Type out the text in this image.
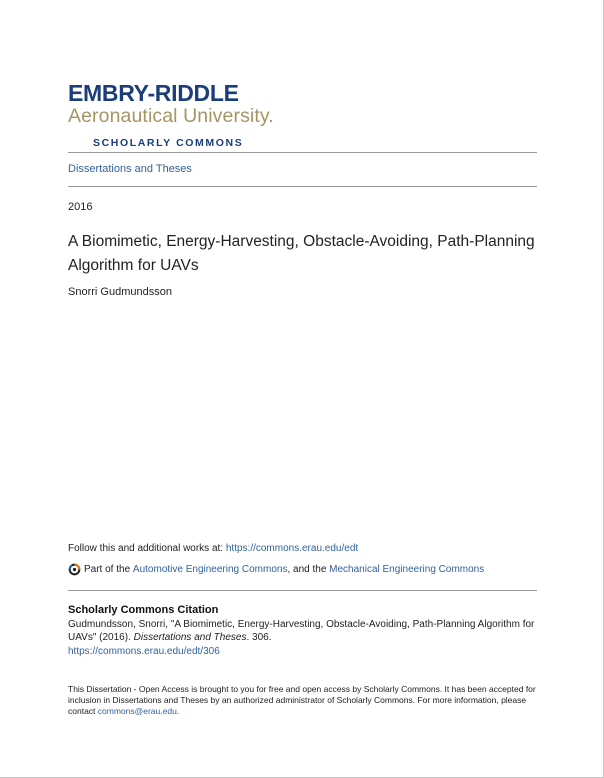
EMBRY-RIDDLE
Aeronautical University.
SCHOLARLY COMMONS
Dissertations and Theses
2016
A Biomimetic, Energy-Harvesting, Obstacle-Avoiding, Path-Planning Algorithm for UAVs
Snorri Gudmundsson
Follow this and additional works at: https://commons.erau.edu/edt
Part of the Automotive Engineering Commons , and the Mechanical Engineering Commons
Scholarly Commons Citation
Gudmundsson, Snorri, "A Biomimetic, Energy-Harvesting, Obstacle-Avoiding, Path-Planning Algorithm for UAVs" (2016). Dissertations and Theses. 306.
https://commons.erau.edu/edt/306
This Dissertation - Open Access is brought to you for free and open access by Scholarly Commons. It has been accepted for inclusion in Dissertations and Theses by an authorized administrator of Scholarly Commons. For more information, please contact commons@erau.edu.
